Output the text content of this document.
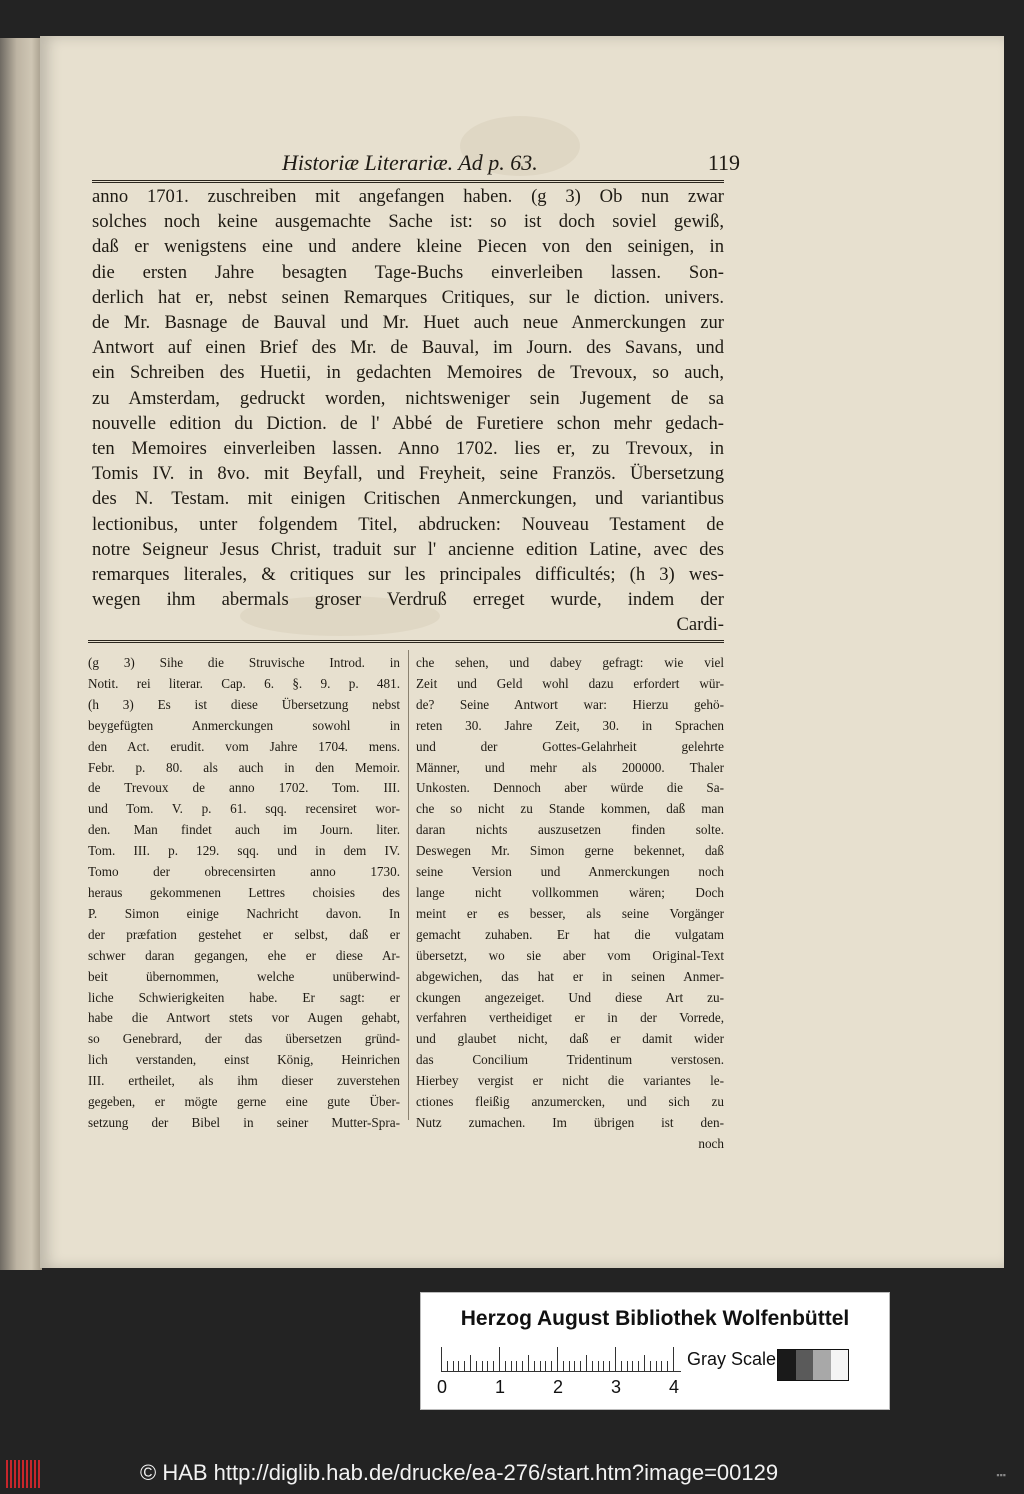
Historiæ Literariæ. Ad p. 63.	119
anno 1701. zuschreiben mit angefangen haben. (g 3) Ob nun zwar
solches noch keine ausgemachte Sache ist: so ist doch soviel gewiß,
daß er wenigstens eine und andere kleine Piecen von den seinigen, in
die ersten Jahre besagten Tage-Buchs einverleiben lassen. Son-
derlich hat er, nebst seinen Remarques Critiques, sur le diction. univers.
de Mr. Basnage de Bauval und Mr. Huet auch neue Anmerckungen zur
Antwort auf einen Brief des Mr. de Bauval, im Journ. des Savans, und
ein Schreiben des Huetii, in gedachten Memoires de Trevoux, so auch,
zu Amsterdam, gedruckt worden, nichtsweniger sein Jugement de sa
nouvelle edition du Diction. de l' Abbé de Furetiere schon mehr gedach-
ten Memoires einverleiben lassen. Anno 1702. lies er, zu Trevoux, in
Tomis IV. in 8vo. mit Beyfall, und Freyheit, seine Französ. Übersetzung
des N. Testam. mit einigen Critischen Anmerckungen, und variantibus
lectionibus, unter folgendem Titel, abdrucken: Nouveau Testament de
notre Seigneur Jesus Christ, traduit sur l' ancienne edition Latine, avec des
remarques literales, & critiques sur les principales difficultés; (h 3) wes-
wegen ihm abermals groser Verdruß erreget wurde, indem der
Cardi-
(g 3) Sihe die Struvische Introd. in
Notit. rei literar. Cap. 6. §. 9. p. 481.
(h 3) Es ist diese Übersetzung nebst
beygefügten Anmerckungen sowohl in
den Act. erudit. vom Jahre 1704. mens.
Febr. p. 80. als auch in den Memoir.
de Trevoux de anno 1702. Tom. III.
und Tom. V. p. 61. sqq. recensiret wor-
den. Man findet auch im Journ. liter.
Tom. III. p. 129. sqq. und in dem IV.
Tomo der obrecensirten anno 1730.
heraus gekommenen Lettres choisies des
P. Simon einige Nachricht davon. In
der præfation gestehet er selbst, daß er
schwer daran gegangen, ehe er diese Ar-
beit übernommen, welche unüberwind-
liche Schwierigkeiten habe. Er sagt: er
habe die Antwort stets vor Augen gehabt,
so Genebrard, der das übersetzen gründ-
lich verstanden, einst König, Heinrichen
III. ertheilet, als ihm dieser zuverstehen
gegeben, er mögte gerne eine gute Über-
setzung der Bibel in seiner Mutter-Spra-
che sehen, und dabey gefragt: wie viel
Zeit und Geld wohl dazu erfordert wür-
de? Seine Antwort war: Hierzu gehö-
reten 30. Jahre Zeit, 30. in Sprachen
und der Gottes-Gelahrheit gelehrte
Männer, und mehr als 200000. Thaler
Unkosten. Dennoch aber würde die Sa-
che so nicht zu Stande kommen, daß man
daran nichts auszusetzen finden solte.
Deswegen Mr. Simon gerne bekennet, daß
seine Version und Anmerckungen noch
lange nicht vollkommen wären; Doch
meint er es besser, als seine Vorgänger
gemacht zuhaben. Er hat die vulgatam
übersetzt, wo sie aber vom Original-Text
abgewichen, das hat er in seinen Anmer-
ckungen angezeiget. Und diese Art zu-
verfahren vertheidiget er in der Vorrede,
und glaubet nicht, daß er damit wider
das Concilium Tridentinum verstosen.
Hierbey vergist er nicht die variantes le-
ctiones fleißig anzumercken, und sich zu
Nutz zumachen. Im übrigen ist den-
noch
Herzog August Bibliothek Wolfenbüttel
0	1	2	3	4
Gray Scale
© HAB http://diglib.hab.de/drucke/ea-276/start.htm?image=00129	▪▪▪
